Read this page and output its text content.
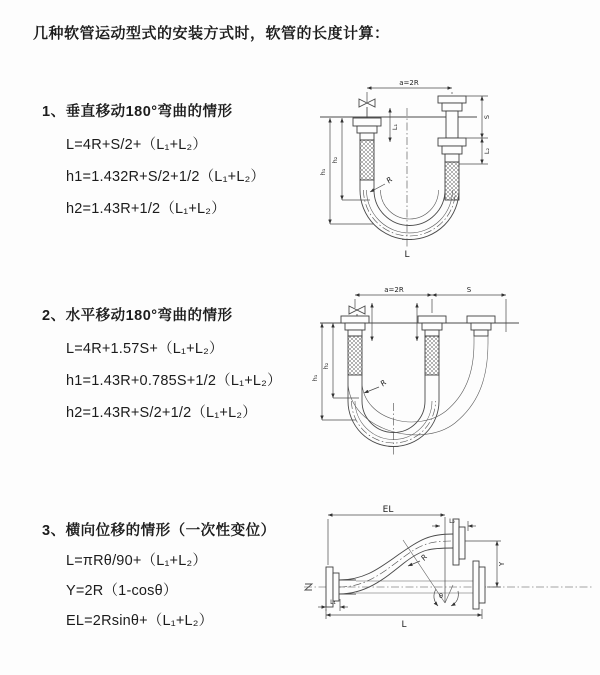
几种软管运动型式的安装方式时，软管的长度计算：
1、垂直移动180°弯曲的情形
L=4R+S/2+（L₁+L₂）
h1=1.432R+S/2+1/2（L₁+L₂）
h2=1.43R+1/2（L₁+L₂）
2、水平移动180°弯曲的情形
L=4R+1.57S+（L₁+L₂）
h1=1.43R+0.785S+1/2（L₁+L₂）
h2=1.43R+S/2+1/2（L₁+L₂）
3、横向位移的情形（一次性变位）
L=πRθ/90+（L₁+L₂）
Y=2R（1-cosθ）
EL=2Rsinθ+（L₁+L₂）
a=2R
L₁
S
L₂
h₁
h₂
R
L
a=2R	S
h₁
h₂
R
EL
L₂
Y
R
θ
L₁
L
